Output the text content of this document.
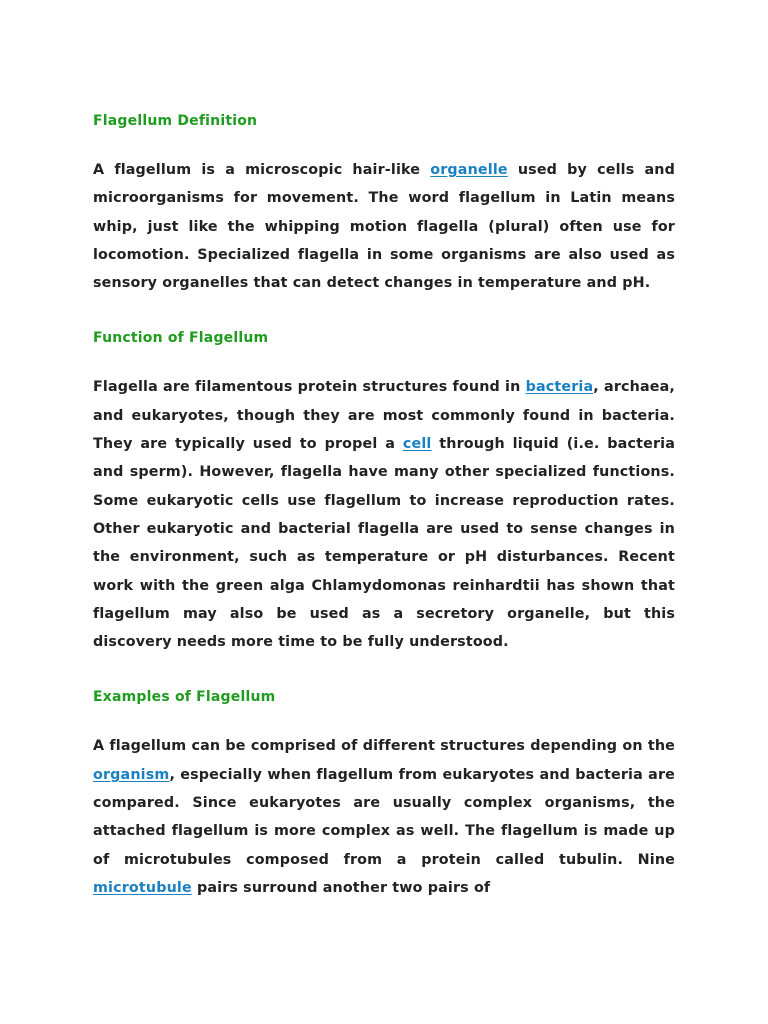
Flagellum Definition

A flagellum is a microscopic hair-like organelle used by cells and microorganisms for movement. The word flagellum in Latin means whip, just like the whipping motion flagella (plural) often use for locomotion. Specialized flagella in some organisms are also used as sensory organelles that can detect changes in temperature and pH.

Function of Flagellum

Flagella are filamentous protein structures found in bacteria, archaea, and eukaryotes, though they are most commonly found in bacteria. They are typically used to propel a cell through liquid (i.e. bacteria and sperm). However, flagella have many other specialized functions. Some eukaryotic cells use flagellum to increase reproduction rates. Other eukaryotic and bacterial flagella are used to sense changes in the environment, such as temperature or pH disturbances. Recent work with the green alga Chlamydomonas reinhardtii has shown that flagellum may also be used as a secretory organelle, but this discovery needs more time to be fully understood.

Examples of Flagellum

A flagellum can be comprised of different structures depending on the organism, especially when flagellum from eukaryotes and bacteria are compared. Since eukaryotes are usually complex organisms, the attached flagellum is more complex as well. The flagellum is made up of microtubules composed from a protein called tubulin. Nine microtubule pairs surround another two pairs of
